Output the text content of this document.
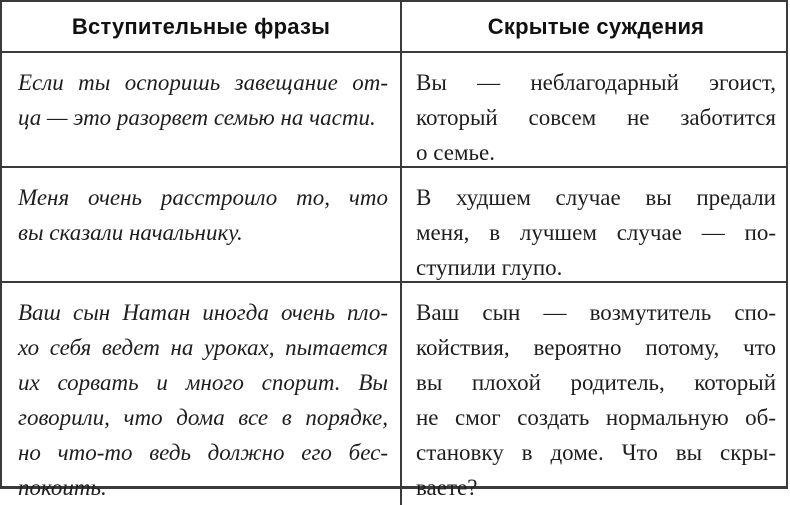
Вступительные фразы	Скрытые суждения

Если ты оспоришь завещание от-
ца — это разорвет семью на части.

Вы — неблагодарный эгоист,
который совсем не заботится
о семье.

Меня очень расстроило то, что
вы сказали начальнику.

В худшем случае вы предали
меня, в лучшем случае — по-
ступили глупо.

Ваш сын Натан иногда очень пло-
хо себя ведет на уроках, пытается
их сорвать и много спорит. Вы
говорили, что дома все в порядке,
но что-то ведь должно его бес-
покоить.

Ваш сын — возмутитель спо-
койствия, вероятно потому, что
вы плохой родитель, который
не смог создать нормальную об-
становку в доме. Что вы скры-
ваете?
